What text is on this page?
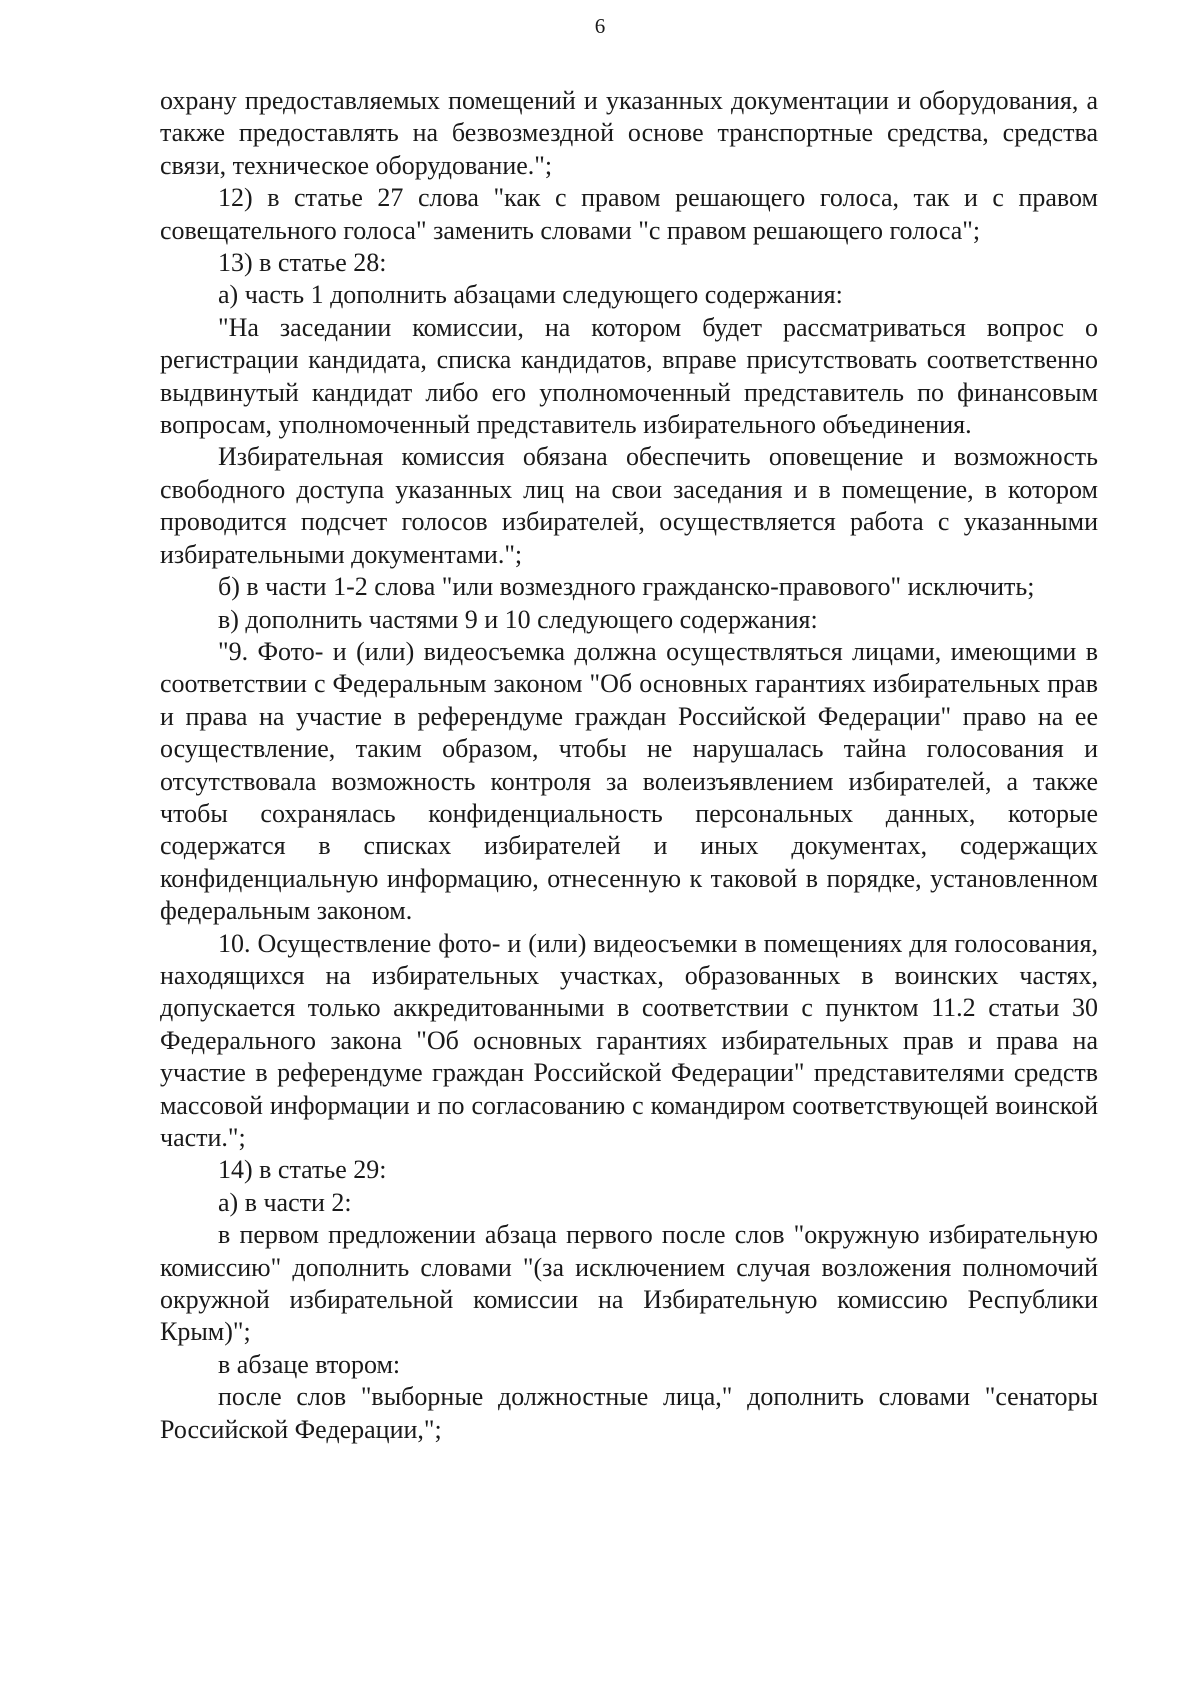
6

охрану предоставляемых помещений и указанных документации и оборудования, а также предоставлять на безвозмездной основе транспортные средства, средства связи, техническое оборудование.";

12) в статье 27 слова "как с правом решающего голоса, так и с правом совещательного голоса" заменить словами "с правом решающего голоса";

13) в статье 28:

а) часть 1 дополнить абзацами следующего содержания:

"На заседании комиссии, на котором будет рассматриваться вопрос о регистрации кандидата, списка кандидатов, вправе присутствовать соответственно выдвинутый кандидат либо его уполномоченный представитель по финансовым вопросам, уполномоченный представитель избирательного объединения.

Избирательная комиссия обязана обеспечить оповещение и возможность свободного доступа указанных лиц на свои заседания и в помещение, в котором проводится подсчет голосов избирателей, осуществляется работа с указанными избирательными документами.";

б) в части 1-2 слова "или возмездного гражданско-правового" исключить;

в) дополнить частями 9 и 10 следующего содержания:

"9. Фото- и (или) видеосъемка должна осуществляться лицами, имеющими в соответствии с Федеральным законом "Об основных гарантиях избирательных прав и права на участие в референдуме граждан Российской Федерации" право на ее осуществление, таким образом, чтобы не нарушалась тайна голосования и отсутствовала возможность контроля за волеизъявлением избирателей, а также чтобы сохранялась конфиденциальность персональных данных, которые содержатся в списках избирателей и иных документах, содержащих конфиденциальную информацию, отнесенную к таковой в порядке, установленном федеральным законом.

10. Осуществление фото- и (или) видеосъемки в помещениях для голосования, находящихся на избирательных участках, образованных в воинских частях, допускается только аккредитованными в соответствии с пунктом 11.2 статьи 30 Федерального закона "Об основных гарантиях избирательных прав и права на участие в референдуме граждан Российской Федерации" представителями средств массовой информации и по согласованию с командиром соответствующей воинской части.";

14) в статье 29:

а) в части 2:

в первом предложении абзаца первого после слов "окружную избирательную комиссию" дополнить словами "(за исключением случая возложения полномочий окружной избирательной комиссии на Избирательную комиссию Республики Крым)";

в абзаце втором:

после слов "выборные должностные лица," дополнить словами "сенаторы Российской Федерации,";
